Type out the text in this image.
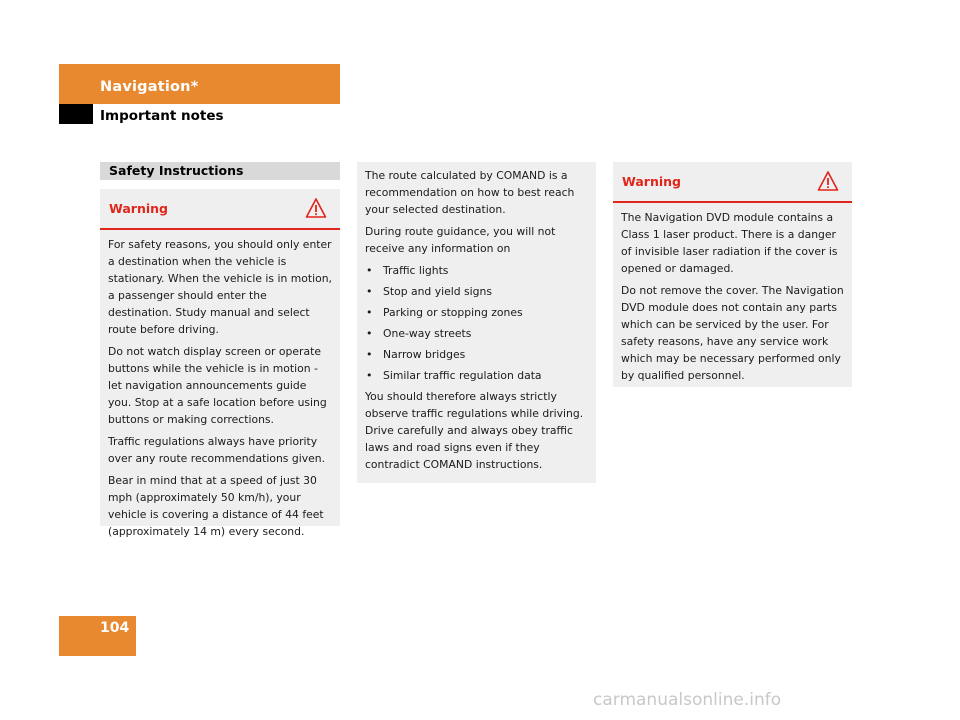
Navigation*
Important notes
Safety Instructions
Warning

For safety reasons, you should only enter a destination when the vehicle is stationary. When the vehicle is in motion, a passenger should enter the destination. Study manual and select route before driving.

Do not watch display screen or operate buttons while the vehicle is in motion - let navigation announcements guide you. Stop at a safe location before using buttons or making corrections.

Traffic regulations always have priority over any route recommendations given.

Bear in mind that at a speed of just 30 mph (approximately 50 km/h), your vehicle is covering a distance of 44 feet (approximately 14 m) every second.

The route calculated by COMAND is a recommendation on how to best reach your selected destination.

During route guidance, you will not receive any information on

• Traffic lights
• Stop and yield signs
• Parking or stopping zones
• One-way streets
• Narrow bridges
• Similar traffic regulation data

You should therefore always strictly observe traffic regulations while driving. Drive carefully and always obey traffic laws and road signs even if they contradict COMAND instructions.

Warning

The Navigation DVD module contains a Class 1 laser product. There is a danger of invisible laser radiation if the cover is opened or damaged.

Do not remove the cover. The Navigation DVD module does not contain any parts which can be serviced by the user. For safety reasons, have any service work which may be necessary performed only by qualified personnel.

104
carmanualsonline.info
